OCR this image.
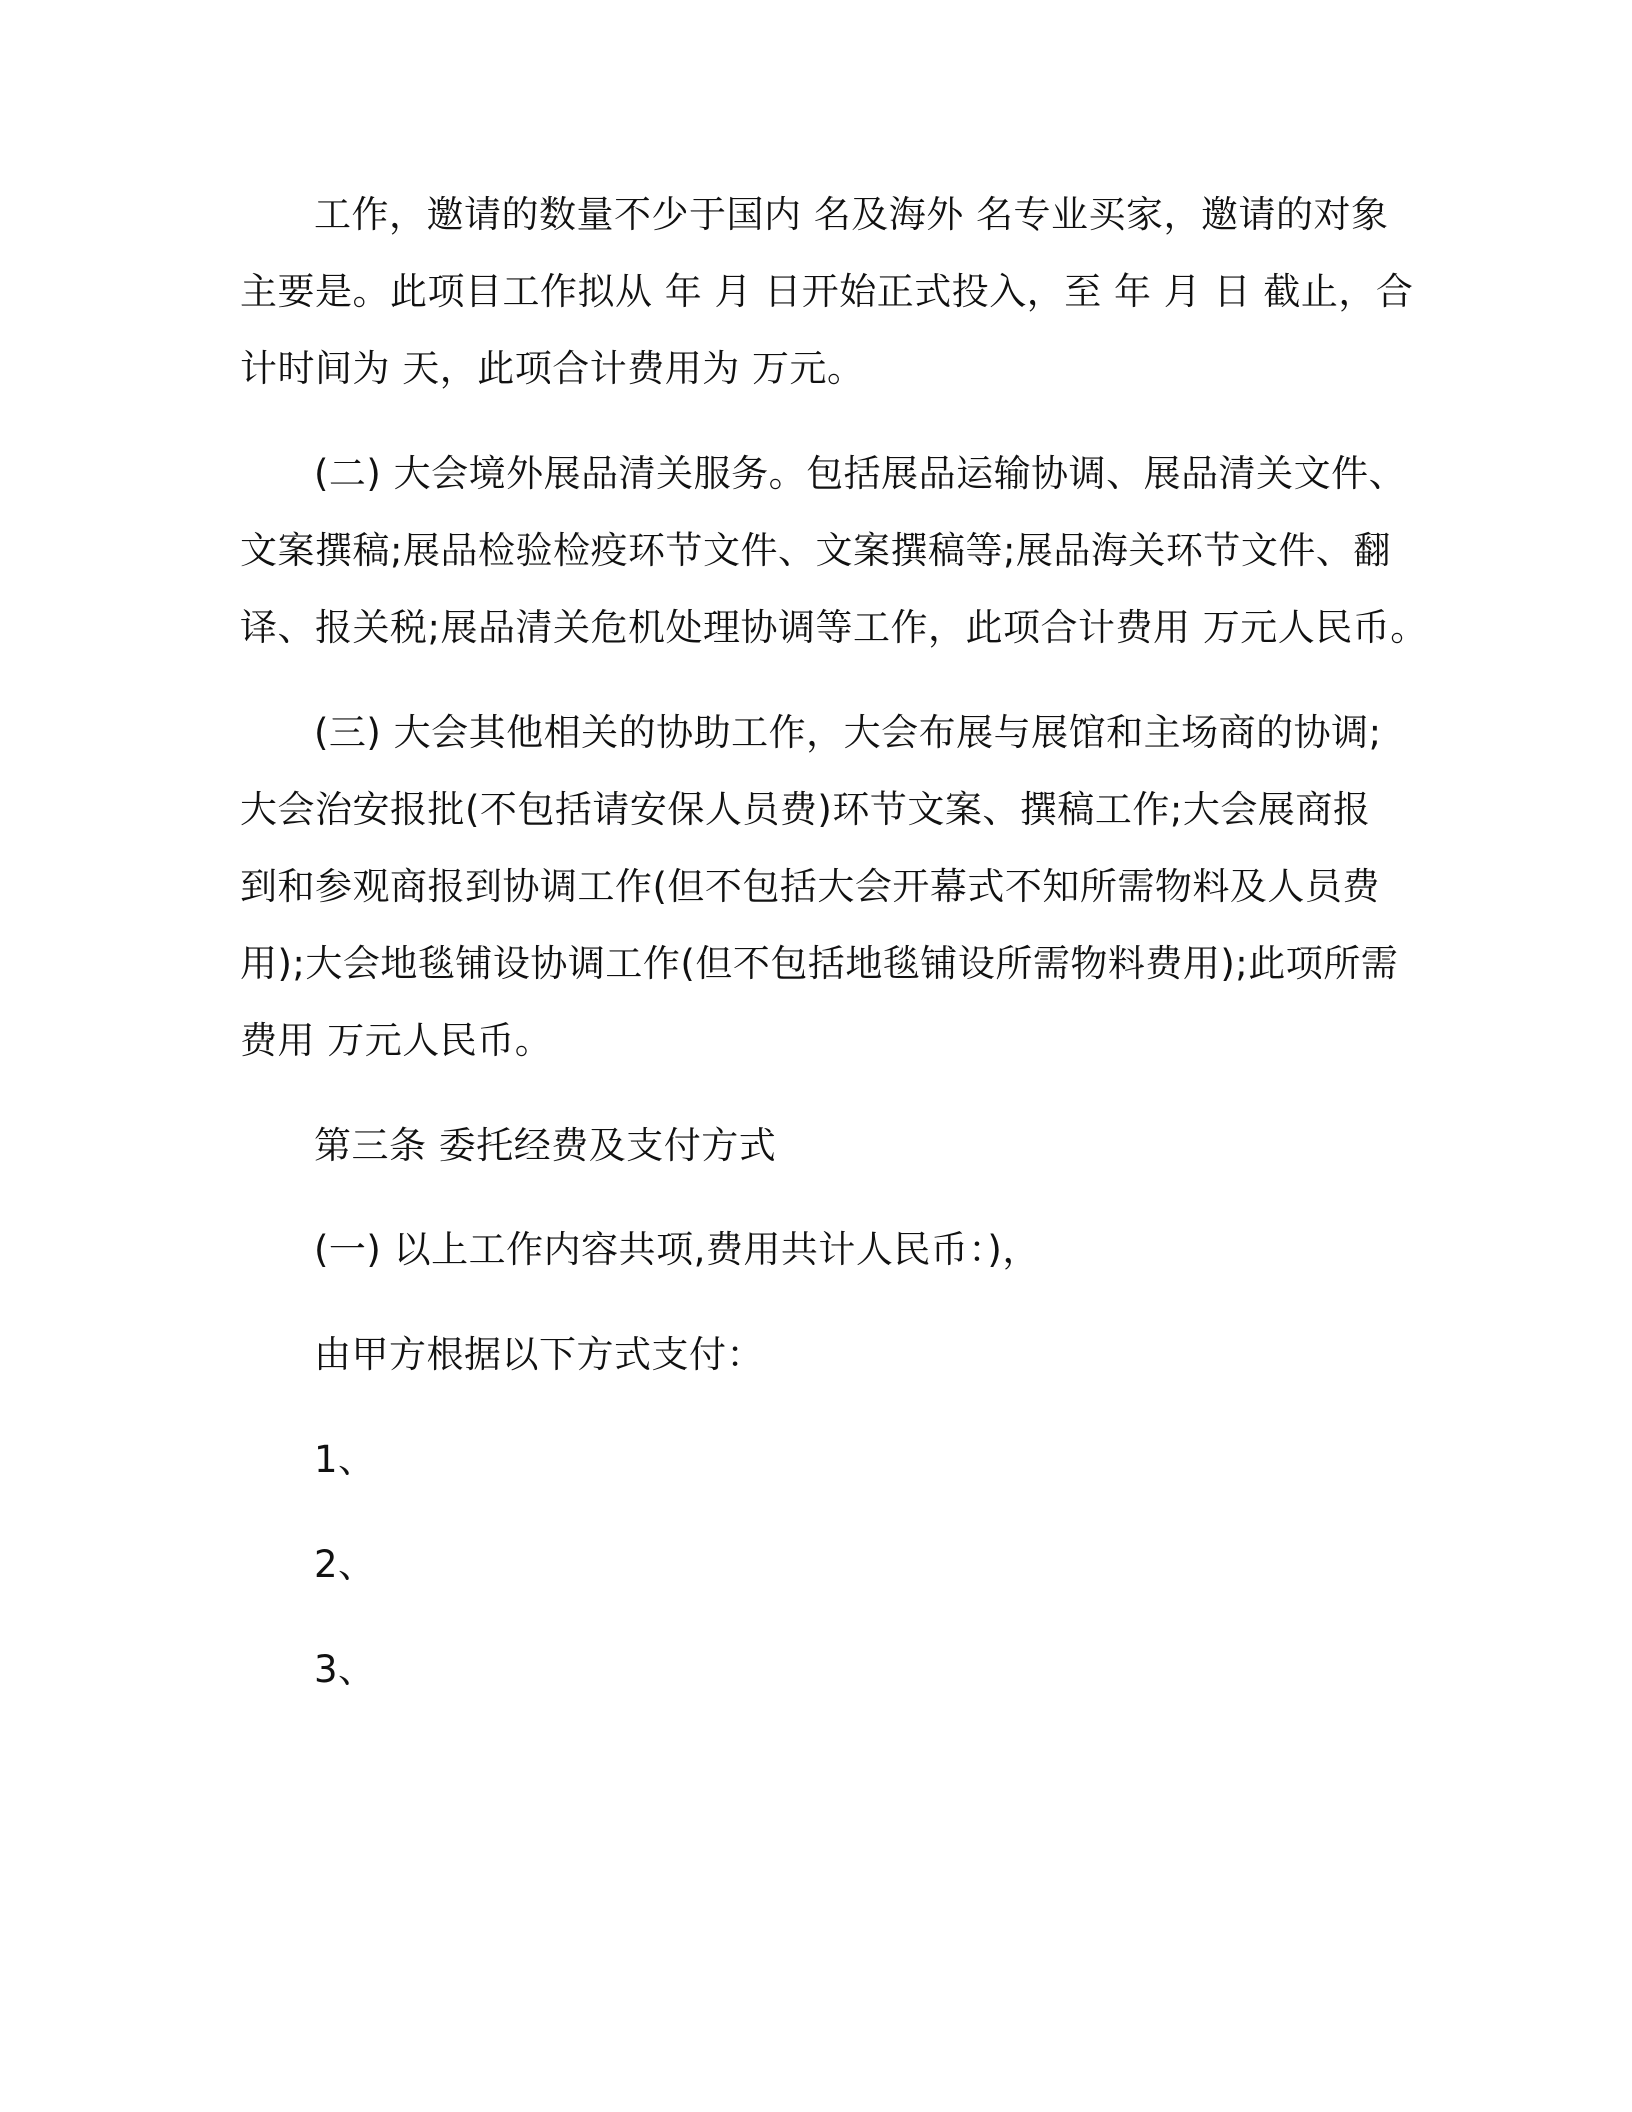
工作，邀请的数量不少于国内 名及海外 名专业买家，邀请的对象
主要是。此项目工作拟从 年 月 日开始正式投入，至 年 月 日 截止，合
计时间为 天，此项合计费用为 万元。
(二) 大会境外展品清关服务。包括展品运输协调、展品清关文件、
文案撰稿;展品检验检疫环节文件、文案撰稿等;展品海关环节文件、翻
译、报关税;展品清关危机处理协调等工作，此项合计费用 万元人民币。
(三) 大会其他相关的协助工作，大会布展与展馆和主场商的协调;
大会治安报批(不包括请安保人员费)环节文案、撰稿工作;大会展商报
到和参观商报到协调工作(但不包括大会开幕式不知所需物料及人员费
用);大会地毯铺设协调工作(但不包括地毯铺设所需物料费用);此项所需
费用 万元人民币。
第三条 委托经费及支付方式
(一) 以上工作内容共项,费用共计人民币：)，
由甲方根据以下方式支付：
1、
2、
3、
